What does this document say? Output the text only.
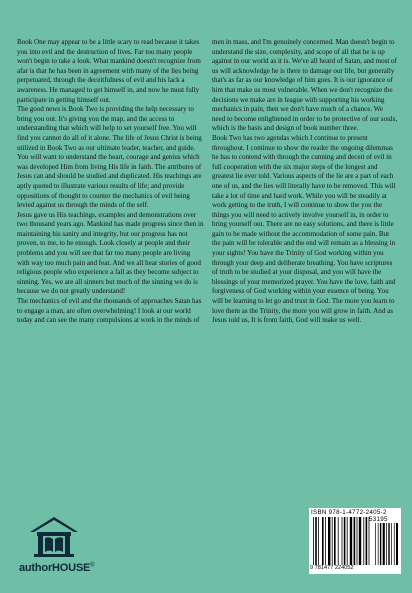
Book One may appear to be a little scary to read because it takes you into evil and the destruction of lives. Far too many people won't begin to take a look. What mankind doesn't recognize from afar is that he has been in agreement with many of the lies being perpetuated, through the deceitfulness of evil and his lack a awareness. He managed to get himself in, and now he must fully participate in getting himself out.

The good news is Book Two is providing the help necessary to bring you out. It's giving you the map, and the access to understanding that which will help to set yourself free. You will find you cannot do all of it alone. The life of Jesus Christ is being utilized in Book Two as our ultimate leader, teacher, and guide. You will want to understand the heart, courage and genius which was developed Him from living His life in faith. The attributes of Jesus can and should be studied and duplicated. His teachings are aptly quoted to illustrate various results of life; and provide oppositions of thought to counter the mechanics of evil being levied against us through the minds of the self.

Jesus gave us His teachings, examples and demonstrations over two thousand years ago. Mankind has made progress since then in maintaining his sanity and integrity, but our progress has not proven, to me, to be enough. Look closely at people and their problems and you will see that far too many people are living with way too much pain and fear. And we all hear stories of good religious people who experience a fall as they become subject to sinning. Yes, we are all sinners but much of the sinning we do is because we do not greatly understand!

The mechanics of evil and the thousands of approaches Satan has to engage a man, are often overwhelming! I look at our world today and can see the many compulsions at work in the minds of

men in mass, and I'm genuinely concerned. Man doesn't begin to understand the size, complexity, and scope of all that he is up against in our world as it is. We've all heard of Satan, and most of us will acknowledge he is there to damage our life, but generally that's as far as our knowledge of him goes. It is our ignorance of him that make us most vulnerable. When we don't recognize the decisions we make are in league with supporting his working mechanics in pain, then we don't have much of a chance. We need to become enlightened in order to be protective of our souls, which is the basis and design of book number three.

Book Two has two agendas which I continue to present throughout. I continue to show the reader the ongoing dilemmas he has to contend with through the cunning and deceit of evil in full cooperation with the six major steps of the longest and greatest lie ever told. Various aspects of the lie are a part of each one of us, and the lies will literally have to be removed. This will take a lot of time and hard work. While you will be steadily at work getting to the truth, I will continue to show the you the things you will need to actively involve yourself in, in order to bring yourself out. There are no easy solutions, and there is little gain to be made without the accommodation of some pain. But the pain will be tolerable and the end will remain as a blessing in your sights! You have the Trinity of God working within you through your deep and deliberate breathing. You have scriptures of truth to be studied at your disposal, and you will have the blessings of your memorized prayer. You have the love, faith and forgiveness of God working within your essence of being. You will be learning to let go and trust in God. The more you learn to love them as the Trinity, the more you will grow in faith. And as Jesus told us, It is from faith, God will make us well.

authorHOUSE®
ISBN 978-1-4772-2405-2
53195
9 781477 224052
